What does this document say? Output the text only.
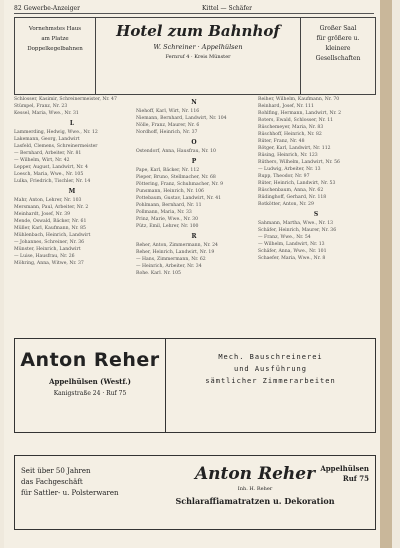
82 Gewerbe-Anzeiger	Kittel — Schäfer
Vornehmstes Haus
am Platze
Doppelkegelbahnen
Hotel zum Bahnhof
W. Schreiner · Appelhülsen
Fernruf 4 · Kreis Münster
Großer Saal
für größere u. kleinere
Gesellschaften
Schlosser, Kasimir, Schreinermeister, Nr. 47
Stümpel, Franz, Nr. 23
Kessel, Maria, Wwe., Nr. 31
L
Lammerding, Hedwig, Wwe., Nr. 12
Lakemann, Georg, Landwirt
Lasfeld, Clemens, Schreinermeister
— Bernhard, Arbeiter, Nr. 81
— Wilhelm, Wirt, Nr. 42
Lepper, August, Landwirt, Nr. 4
Loesch, Maria, Wwe., Nr. 105
Lulka, Friedrich, Tischler, Nr. 14
M
Mahr, Anton, Lehrer, Nr. 103
Mersmann, Paul, Arbeiter, Nr. 2
Meinhardt, Josef, Nr. 39
Mende, Oswald, Bäcker, Nr. 61
Müller, Karl, Kaufmann, Nr. 85
Mühlenbach, Heinrich, Landwirt
— Johannes, Schreiner, Nr. 36
Münster, Heinrich, Landwirt
— Luise, Hausfrau, Nr. 26
Möhring, Anna, Witwe, Nr. 37
N
Niehoff, Karl, Wirt, Nr. 116
Niemann, Bernhard, Landwirt, Nr. 104
Nölle, Franz, Maurer, Nr. 6
Nordhoff, Heinrich, Nr. 37
O
Ostendorf, Anna, Hausfrau, Nr. 10
P
Pape, Karl, Bäcker, Nr. 112
Pieper, Bruno, Stellmacher, Nr. 68
Pöttering, Franz, Schuhmacher, Nr. 9
Punsmann, Heinrich, Nr. 106
Pottebaum, Gustav, Landwirt, Nr. 41
Pohlmann, Bernhard, Nr. 11
Pollmann, Maria, Nr. 33
Prinz, Marie, Wwe., Nr. 30
Pütz, Emil, Lehrer, Nr. 100
R
Reher, Anton, Zimmermann, Nr. 24
Reher, Heinrich, Landwirt, Nr. 19
— Hans, Zimmermann, Nr. 62
— Heinrich, Arbeiter, Nr. 34
Rohe, Karl, Nr. 105
Reiher, Wilhelm, Kaufmann, Nr. 70
Reinhard, Josef, Nr. 111
Rohlfing, Hermann, Landwirt, Nr. 2
Roters, Ewald, Schlosser, Nr. 11
Rüschemeyer, Maria, Nr. 83
Rüschhoff, Heinrich, Nr. 82
Rüter, Franz, Nr. 48
Rötger, Karl, Landwirt, Nr. 112
Rüsing, Heinrich, Nr. 123
Rüthers, Wilhelm, Landwirt, Nr. 56
— Ludwig, Arbeiter, Nr. 13
Rupp, Theodor, Nr. 97
Rüter, Heinrich, Landwirt, Nr. 53
Rüschenbaum, Anna, Nr. 62
Rüdinghoff, Gerhard, Nr. 118
Rotkötter, Anton, Nr. 29
S
Sahmann, Martha, Wwe., Nr. 13
Schäfer, Heinrich, Maurer, Nr. 36
— Franz, Wwe., Nr. 54
— Wilhelm, Landwirt, Nr. 13
Schäfer, Anna, Wwe., Nr. 101
Schaefer, Maria, Wwe., Nr. 8
Anton Reher
Appelhülsen (Westf.)
Kanigstraße 24 · Ruf 75
Mech. Bauschreinerei
und Ausführung
sämtlicher Zimmerarbeiten
Seit über 50 Jahren
das Fachgeschäft
für Sattler- u. Polsterwaren
Appelhülsen
Ruf 75
Anton Reher
Inh. H. Reher
Schlaraffiamatratzen u. Dekoration
